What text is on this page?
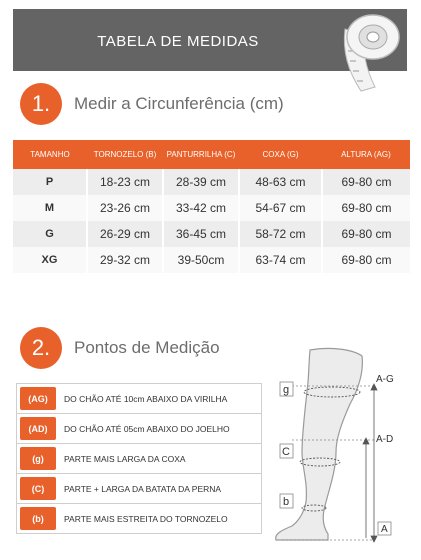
TABELA DE MEDIDAS
1.	Medir a Circunferência (cm)
TAMANHO	TORNOZELO (B)	PANTURRILHA (C)	COXA (G)	ALTURA (AG)
P	18-23 cm	28-39 cm	48-63 cm	69-80 cm
M	23-26 cm	33-42 cm	54-67 cm	69-80 cm
G	26-29 cm	36-45 cm	58-72 cm	69-80 cm
XG	29-32 cm	39-50cm	63-74 cm	69-80 cm
2.	Pontos de Medição
(AG)	DO CHÃO ATÉ 10cm ABAIXO DA VIRILHA
(AD)	DO CHÃO ATÉ 05cm ABAIXO DO JOELHO
(g)	PARTE MAIS LARGA DA COXA
(C)	PARTE + LARGA DA BATATA DA PERNA
(b)	PARTE MAIS ESTREITA DO TORNOZELO
g
C
b
A-G
A-D
A
